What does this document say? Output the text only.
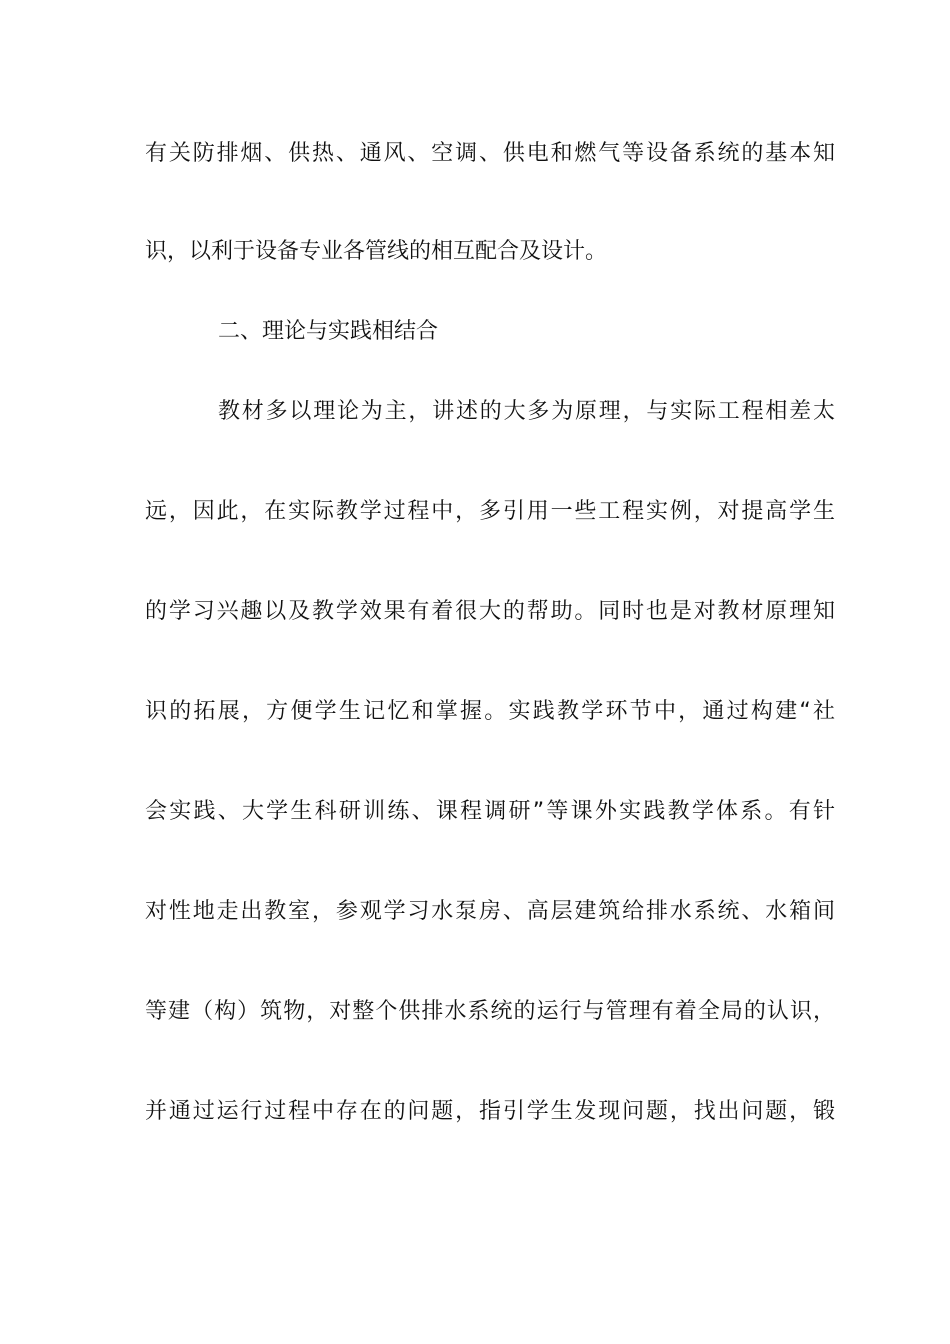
有关防排烟、供热、通风、空调、供电和燃气等设备系统的基本知
识，以利于设备专业各管线的相互配合及设计。
二、理论与实践相结合
教材多以理论为主，讲述的大多为原理，与实际工程相差太
远，因此，在实际教学过程中，多引用一些工程实例，对提高学生
的学习兴趣以及教学效果有着很大的帮助。同时也是对教材原理知
识的拓展，方便学生记忆和掌握。实践教学环节中，通过构建“社
会实践、大学生科研训练、课程调研”等课外实践教学体系。有针
对性地走出教室，参观学习水泵房、高层建筑给排水系统、水箱间
等建（构）筑物，对整个供排水系统的运行与管理有着全局的认识，
并通过运行过程中存在的问题，指引学生发现问题，找出问题，锻
